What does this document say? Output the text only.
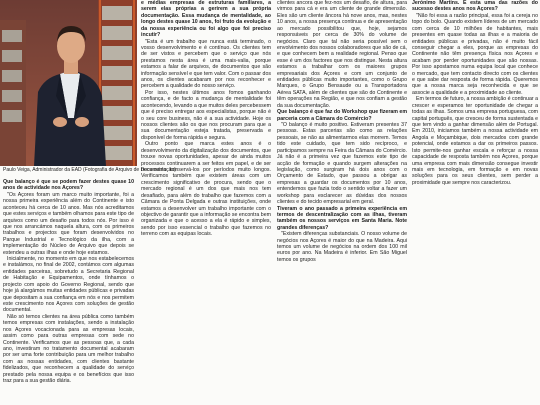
Paulo Veiga, Administrador da EAD (Fotografia de Arquivo de Documentação)

Que balanço é que se podem fazer destes quase 10 anos de actividade nos Açores?

"Os Açores foram um marco muito importante, foi a nossa primeira experiência além do Continente e isto aconteceu há cerca de 10 anos. Mas nós acreditamos que estes serviços e também olhamos para este tipo de arquivos como um desafio para todos nós. Por isso é que nos arrancámos naquela altura, com os primeiros trabalhos e projectos que foram desenvolvidos no Parque Industrial e Tecnológico da ilha, com a implementação do Núcleo de Arquivo que depois se estendeu a outras ilhas e onde hoje estamos.

Inicialmente, no momento em que nos estabelecemos e instalámos, no final de 2002, contámos com algumas entidades parceiras, sobretudo a Secretaria Regional de Habitação e Equipamentos, onde tínhamos o projecto com apoio do Governo Regional, sendo que hoje já alargámos muitas entidades públicas e privadas que depositam a sua confiança em nós e nos permitem este crescimento nos Açores com soluções de gestão documental.

Não só temos clientes na área pública como também temos empresas com instalações, sendo a instalação nos Açores vocacionada para as empresas locais, assim como para outras empresas com sede no Continente. Verificamos que as pessoas que, a cada ano, investiram no tratamento documental acabaram por ser uma forte contribuição para um melhor trabalho com as nossas entidades, com clientes bastante fidelizados, que reconhecem a qualidade do serviço prestado pela nossa equipa e os benefícios que isso traz para a sua gestão diária.

e médias empresas de estruturas familiares, a serem elas próprias a gerirem a sua própria documentação. Essa mudança de mentalidade, ao longo destes quase 10 anos, foi fruto da evolução e da nossa experiência ou foi algo que foi preciso incutir?

"Esta é um trabalho que nunca está terminado, o vosso desenvolvimento e é contínuo. Os clientes tem de ser vistos e percebem que o serviço que nós prestamos nesta área é uma mais-valia, porque estamos a falar de arquivos, de documentos que são informação sensível e que tem valor. Com o passar dos anos, os clientes acabaram por nos reconhecer e percebem a qualidade do nosso serviço.

Por isso, nestes últimos anos fomos ganhando confiança, e de facto a mudança de mentalidade foi acontecendo, levando a que muitos deles percebessem que é preciso entregar aos especialistas, porque não é o seu core business, não é a sua actividade. Hoje os nossos clientes são os que nos procuram para que a sua documentação esteja tratada, preservada e disponível de forma rápida e segura.

Outro ponto que marca estes anos é o desenvolvimento da digitalização dos documentos, que trouxe novas oportunidades, apesar de ainda muitos processos continuarem a ser feitos em papel, e de ser necessário conservá-los por períodos muito longos. Verificamos também que existem áreas com um crescimento significativo de procura, sendo que o mercado regional é um dos que mais nos tem desafiado, para além do trabalho que fazemos com a Câmara de Ponta Delgada e outras instituições, onde estamos a desenvolver um trabalho importante com o objectivo de garantir que a informação se encontra bem organizada e que o acesso a ela é rápido e simples, sendo por isso essencial o trabalho que fazemos no terreno com as equipas locais.

clientes ancora que fez-nos um desafio, de altura, para virmos para cá e era um cliente de grande dimensão. Eles são um cliente âncora há nove anos, mas, nestes 10 anos, a nossa presença continua e de apresentação ao mercado possibilitou que, hoje, sejamos responsáveis por cerca de 30% do volume de negócios. Claro que tal não seria possível sem o envolvimento dos nossos colaboradores que são de cá, e que conhecem bem a realidade regional. Penso que esse é um dos factores que nos distingue. Nesta altura estamos a trabalhar com os maiores grupos empresariais dos Açores e com um conjunto de entidades públicas muito importantes, como o Grupo Marques, o Grupo Bensaude ou a Transportadora Aérea SATA, além de clientes que são do Continente e têm operações na Região, e que nos confiam a gestão da sua documentação.

Que balanço é que faz do Workshop que fizeram em parceria com a Câmara do Comércio?

"O balanço é muito positivo. Estiveram presentes 37 pessoas. Estas parcerias são como as relações pessoais, se não as alimentarmos elas morrem. Temos tido este cuidado, que tem sido recíproco, e participamos sempre na Feira da Câmara do Comércio. Já não é a primeira vez que fazemos este tipo de acção de formação e quando surgem alterações na legislação, como surgiram há dois anos com o Orçamento de Estado, que passou a obrigar as empresas a guardar os documentos por 10 anos, entendemos que fazia todo o sentido voltar a fazer um workshop para esclarecer as dúvidas dos nossos clientes e do tecido empresarial em geral.

Tiveram o ano passado a primeira experiência em termos de descentralização com as ilhas, tiveram também os nossos serviços em Santa Maria. Note grandes diferenças?

"Existem diferenças substanciais. O nosso volume de negócios nos Açores é maior do que na Madeira. Aqui temos um volume de negócios na ordem dos 100 mil euros por ano. Na Madeira é inferior. Em São Miguel temos os grupos

Jerónimo Martins. E esta uma das razões do sucesso destes anos nos Açores?

"Não foi essa a razão principal, essa foi a cereja no topo do bolo. Quando existem líderes de um mercado com cerca de 10 milhões de habitantes, mais presentes em quase todas as ilhas e a maioria de entidades públicas e privadas, não é muito fácil conseguir chegar a eles, porque as empresas do Continente não têm presença física nos Açores e acabam por perder oportunidades que são nossas. Por isso apostamos numa equipa local que conhece o mercado, que tem contacto directo com os clientes e que sabe dar resposta de forma rápida. Queremos que a nossa marca seja reconhecida e que se associe a qualidade e a proximidade ao cliente.

Em termos de futuro, a nossa ambição é continuar a crescer e esperamos ter oportunidade de chegar a todas as ilhas. Somos uma empresa portuguesa, com capital português, que cresceu de forma sustentada e que tem vindo a ganhar dimensão além de Portugal. Em 2010, iniciamos também a nossa actividade em Angola e Moçambique, dois mercados com grande potencial, onde estamos a dar os primeiros passos. Isto permite-nos ganhar escala e reforçar a nossa capacidade de resposta também nos Açores, porque uma empresa com mais dimensão consegue investir mais em tecnologia, em formação e em novas soluções para os seus clientes, sem perder a proximidade que sempre nos caracterizou.
